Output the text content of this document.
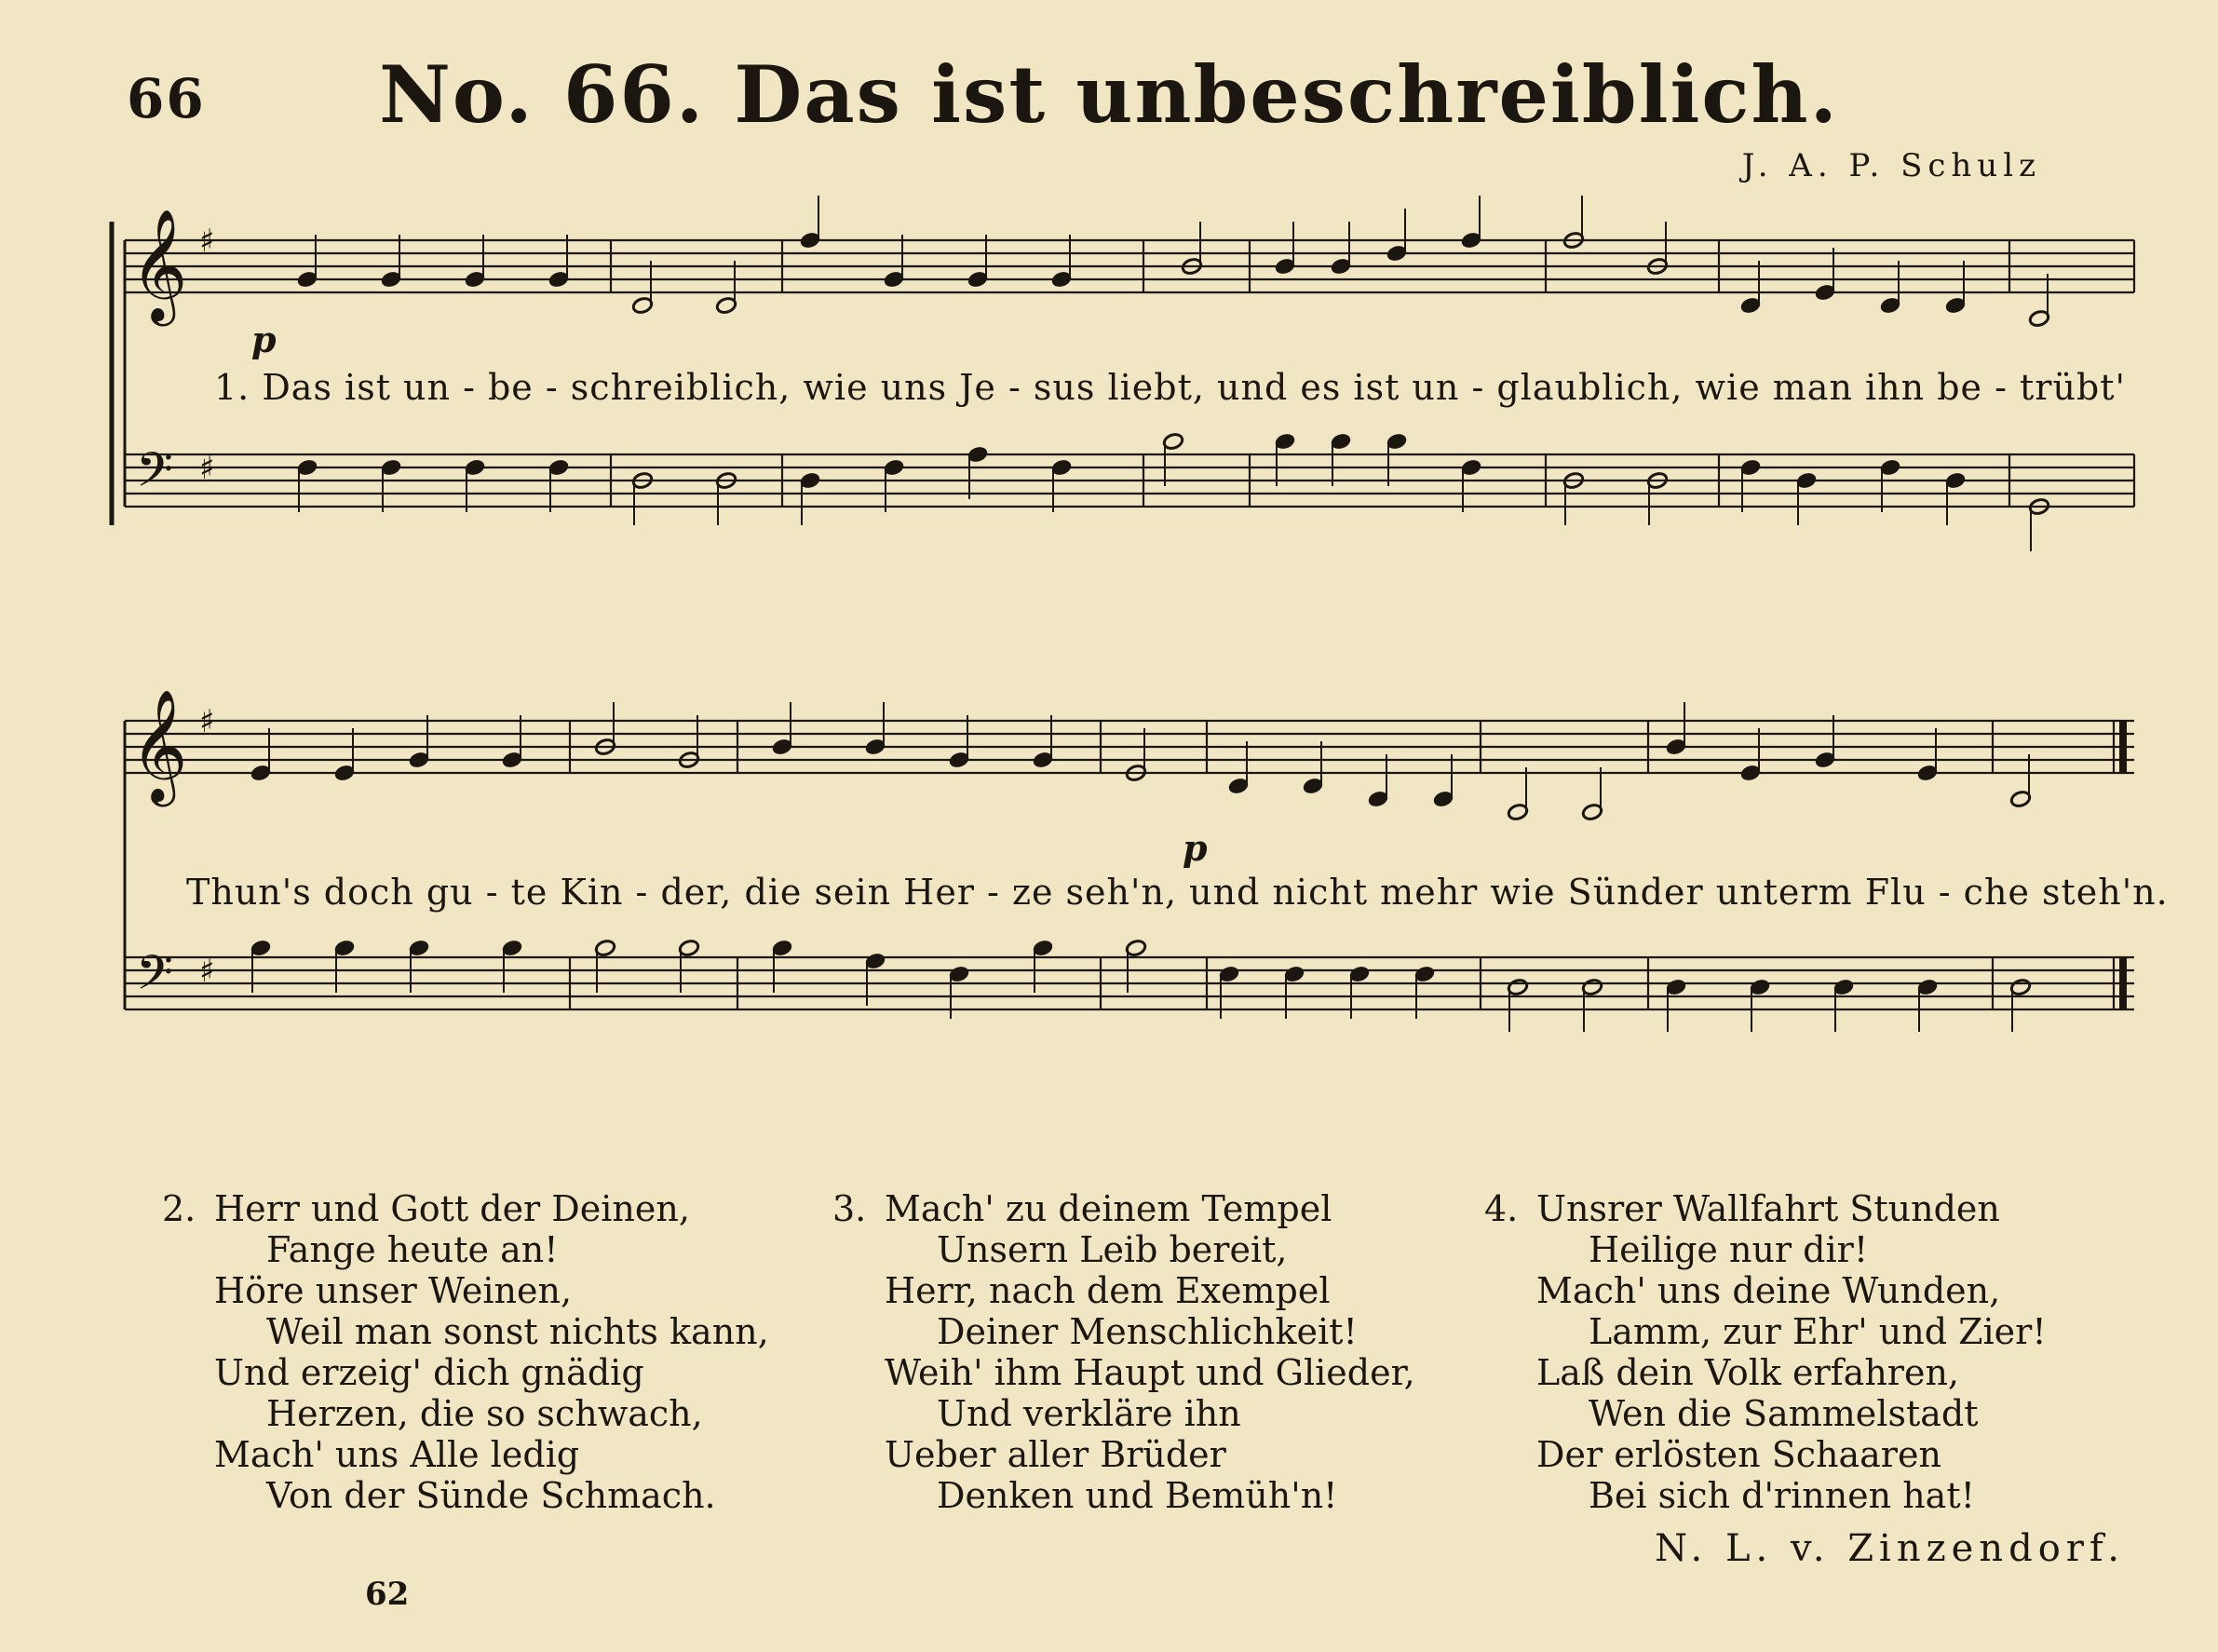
66	No. 66. Das ist unbeschreiblich.
J. A. P. Schulz
𝄞
𝄢
♯
♯
p
𝄞
𝄢
♯
♯
p
1. Das ist un - be - schreiblich, wie uns Je - sus liebt, und es ist un - glaublich, wie man ihn be - trübt'
Thun's doch gu - te Kin - der, die sein Her - ze seh'n, und nicht mehr wie Sünder unterm Flu - che steh'n.
2. Herr und Gott der Deinen,
Fange heute an!
Höre unser Weinen,
Weil man sonst nichts kann,
Und erzeig' dich gnädig
Herzen, die so schwach,
Mach' uns Alle ledig
Von der Sünde Schmach.
3. Mach' zu deinem Tempel
Unsern Leib bereit,
Herr, nach dem Exempel
Deiner Menschlichkeit!
Weih' ihm Haupt und Glieder,
Und verkläre ihn
Ueber aller Brüder
Denken und Bemüh'n!
4. Unsrer Wallfahrt Stunden
Heilige nur dir!
Mach' uns deine Wunden,
Lamm, zur Ehr' und Zier!
Laß dein Volk erfahren,
Wen die Sammelstadt
Der erlösten Schaaren
Bei sich d'rinnen hat!
N. L. v. Zinzendorf.
62
